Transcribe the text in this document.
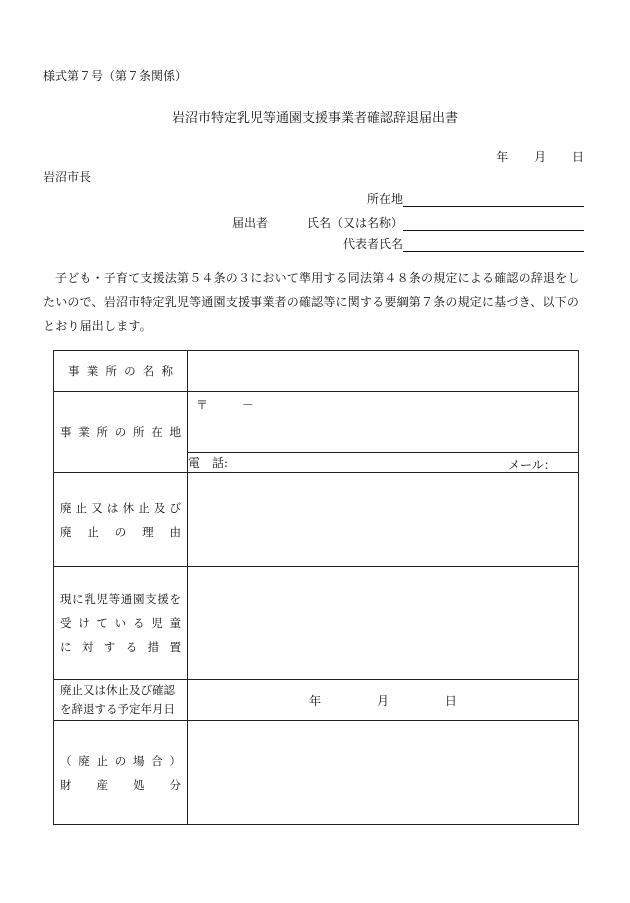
様式第７号（第７条関係）
岩沼市特定乳児等通園支援事業者確認辞退届出書
年 月 日
岩沼市長
所在地
届出者	氏名（又は名称）
代表者氏名
子ども・子育て支援法第５４条の３において準用する同法第４８条の規定による確認の辞退をしたいので、岩沼市特定乳児等通園支援事業者の確認等に関する要綱第７条の規定に基づき、以下のとおり届出します。
事業所の名称	

事業所の所在地	〒 －

	電　話: メール：

廃止又は休止及び
廃止の理由	

現に乳児等通園支援を
受けている児童
に対する措置	

廃止又は休止及び確認
を辞退する予定年月日	年 月 日

（廃止の場合）
財産処分	
